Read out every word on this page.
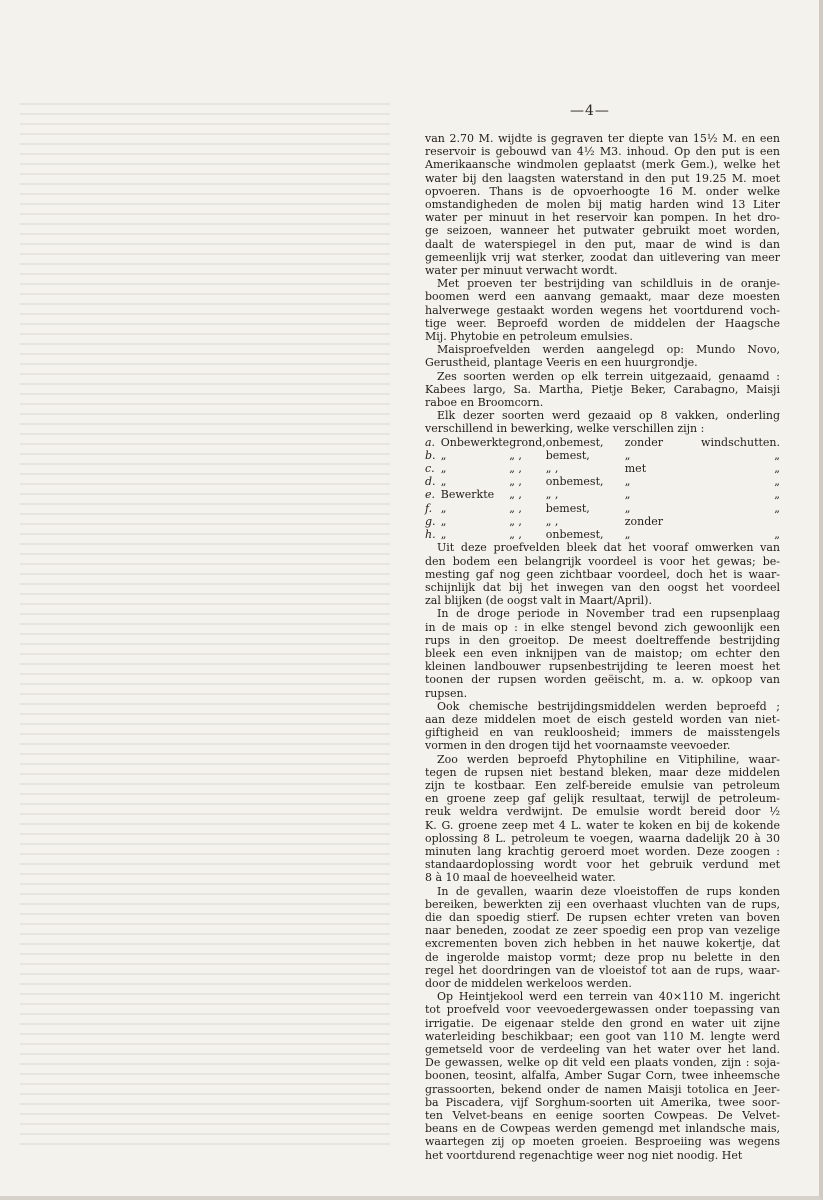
—4—

van 2.70 M. wijdte is gegraven ter diepte van 15½ M. en een

reservoir is gebouwd van 4½ M3. inhoud. Op den put is een

Amerikaansche windmolen geplaatst (merk Gem.), welke het

water bij den laagsten waterstand in den put 19.25 M. moet

opvoeren. Thans is de opvoerhoogte 16 M. onder welke

omstandigheden de molen bij matig harden wind 13 Liter

water per minuut in het reservoir kan pompen. In het dro-

ge seizoen, wanneer het putwater gebruikt moet worden,

daalt de waterspiegel in den put, maar de wind is dan

gemeenlijk vrij wat sterker, zoodat dan uitlevering van meer

water per minuut verwacht wordt.

Met proeven ter bestrijding van schildluis in de oranje-

boomen werd een aanvang gemaakt, maar deze moesten

halverwege gestaakt worden wegens het voortdurend voch-

tige weer. Beproefd worden de middelen der Haagsche

Mij. Phytobie en petroleum emulsies.

Maisproefvelden werden aangelegd op: Mundo Novo,

Gerustheid, plantage Veeris en een huurgrondje.

Zes soorten werden op elk terrein uitgezaaid, genaamd :

Kabees largo, Sa. Martha, Pietje Beker, Carabagno, Maisji

raboe en Broomcorn.

Elk dezer soorten werd gezaaid op 8 vakken, onderling

verschillend in bewerking, welke verschillen zijn :

a.	Onbewerkte	grond,	onbemest,	zonder	windschutten.
b.	„	„ ,	bemest,	„	„
c.	„	„ ,	„ ,	met	„
d.	„	„ ,	onbemest,	„	„
e.	Bewerkte	„ ,	„ ,	„	„
f.	„	„ ,	bemest,	„	„
g.	„	„ ,	„ ,	zonder	
h.	„	„ ,	onbemest,	„	„

Uit deze proefvelden bleek dat het vooraf omwerken van

den bodem een belangrijk voordeel is voor het gewas; be-

mesting gaf nog geen zichtbaar voordeel, doch het is waar-

schijnlijk dat bij het inwegen van den oogst het voordeel

zal blijken (de oogst valt in Maart/April).

In de droge periode in November trad een rupsenplaag

in de mais op : in elke stengel bevond zich gewoonlijk een

rups in den groeitop. De meest doeltreffende bestrijding

bleek een even inknijpen van de maistop; om echter den

kleinen landbouwer rupsenbestrijding te leeren moest het

toonen der rupsen worden geëischt, m. a. w. opkoop van

rupsen.

Ook chemische bestrijdingsmiddelen werden beproefd ;

aan deze middelen moet de eisch gesteld worden van niet-

giftigheid en van reukloosheid; immers de maisstengels

vormen in den drogen tijd het voornaamste veevoeder.

Zoo werden beproefd Phytophiline en Vitiphiline, waar-

tegen de rupsen niet bestand bleken, maar deze middelen

zijn te kostbaar. Een zelf-bereide emulsie van petroleum

en groene zeep gaf gelijk resultaat, terwijl de petroleum-

reuk weldra verdwijnt. De emulsie wordt bereid door ½

K. G. groene zeep met 4 L. water te koken en bij de kokende

oplossing 8 L. petroleum te voegen, waarna dadelijk 20 à 30

minuten lang krachtig geroerd moet worden. Deze zoogen :

standaardoplossing wordt voor het gebruik verdund met

8 à 10 maal de hoeveelheid water.

In de gevallen, waarin deze vloeistoffen de rups konden

bereiken, bewerkten zij een overhaast vluchten van de rups,

die dan spoedig stierf. De rupsen echter vreten van boven

naar beneden, zoodat ze zeer spoedig een prop van vezelige

excrementen boven zich hebben in het nauwe kokertje, dat

de ingerolde maistop vormt; deze prop nu belette in den

regel het doordringen van de vloeistof tot aan de rups, waar-

door de middelen werkeloos werden.

Op Heintjekool werd een terrein van 40×110 M. ingericht

tot proefveld voor veevoedergewassen onder toepassing van

irrigatie. De eigenaar stelde den grond en water uit zijne

waterleiding beschikbaar; een goot van 110 M. lengte werd

gemetseld voor de verdeeling van het water over het land.

De gewassen, welke op dit veld een plaats vonden, zijn : soja-

boonen, teosint, alfalfa, Amber Sugar Corn, twee inheemsche

grassoorten, bekend onder de namen Maisji totolica en Jeer-

ba Piscadera, vijf Sorghum-soorten uit Amerika, twee soor-

ten Velvet-beans en eenige soorten Cowpeas. De Velvet-

beans en de Cowpeas werden gemengd met inlandsche mais,

waartegen zij op moeten groeien. Besproeiing was wegens

het voortdurend regenachtige weer nog niet noodig. Het
